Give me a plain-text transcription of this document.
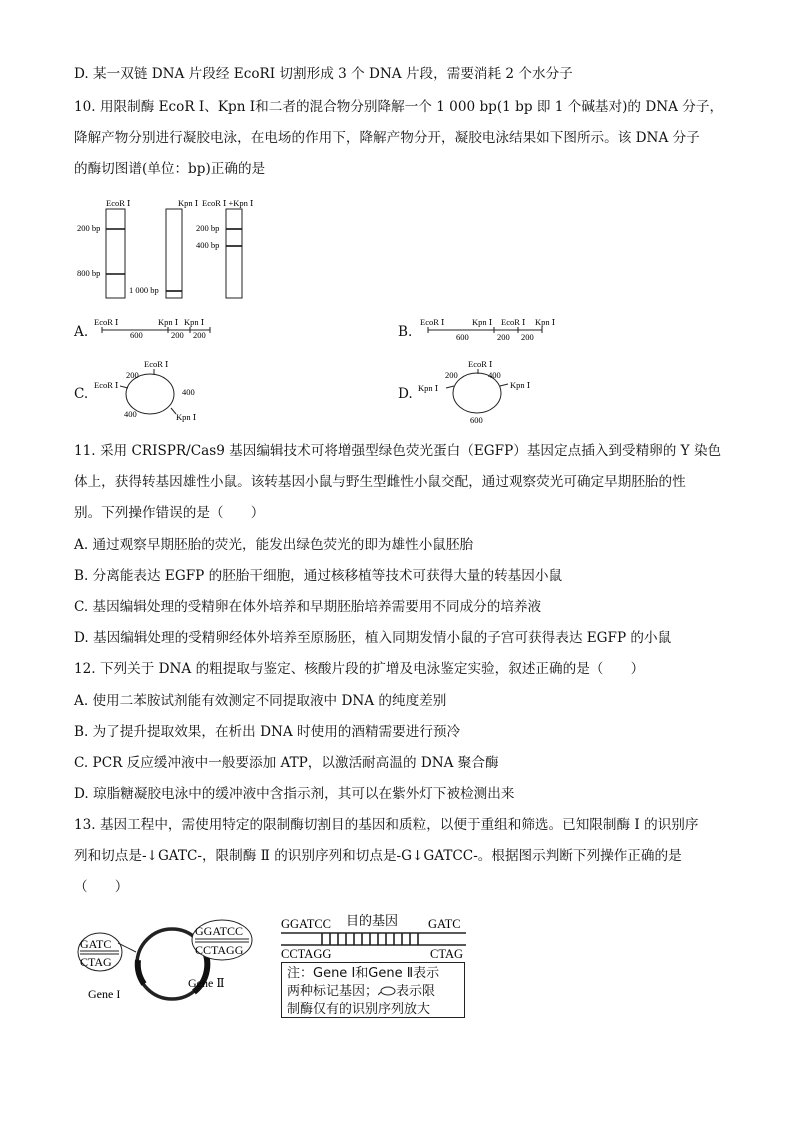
D. 某一双链 DNA 片段经 EcoRI 切割形成 3 个 DNA 片段，需要消耗 2 个水分子
10. 用限制酶 EcoR Ⅰ、Kpn Ⅰ和二者的混合物分别降解一个 1 000 bp(1 bp 即 1 个碱基对)的 DNA 分子，
降解产物分别进行凝胶电泳，在电场的作用下，降解产物分开，凝胶电泳结果如下图所示。该 DNA 分子
的酶切图谱(单位：bp)正确的是
EcoR Ⅰ	Kpn Ⅰ EcoR Ⅰ +Kpn Ⅰ
200 bp
800 bp
1 000 bp
200 bp
400 bp
A.
EcoR Ⅰ	Kpn Ⅰ Kpn Ⅰ
600	200 200	B.
EcoR Ⅰ	Kpn Ⅰ EcoR Ⅰ Kpn Ⅰ
600	200 200
C.
EcoR Ⅰ
EcoR Ⅰ
200
400
400	Kpn Ⅰ
D.
EcoR Ⅰ
200	400
Kpn Ⅰ	Kpn Ⅰ
600
11. 采用 CRISPR/Cas9 基因编辑技术可将增强型绿色荧光蛋白（EGFP）基因定点插入到受精卵的 Y 染色
体上，获得转基因雄性小鼠。该转基因小鼠与野生型雌性小鼠交配，通过观察荧光可确定早期胚胎的性
别。下列操作错误的是（　　）
A. 通过观察早期胚胎的荧光，能发出绿色荧光的即为雄性小鼠胚胎
B. 分离能表达 EGFP 的胚胎干细胞，通过核移植等技术可获得大量的转基因小鼠
C. 基因编辑处理的受精卵在体外培养和早期胚胎培养需要用不同成分的培养液
D. 基因编辑处理的受精卵经体外培养至原肠胚，植入同期发情小鼠的子宫可获得表达 EGFP 的小鼠
12. 下列关于 DNA 的粗提取与鉴定、核酸片段的扩增及电泳鉴定实验，叙述正确的是（　　）
A. 使用二苯胺试剂能有效测定不同提取液中 DNA 的纯度差别
B. 为了提升提取效果，在析出 DNA 时使用的酒精需要进行预冷
C. PCR 反应缓冲液中一般要添加 ATP，以激活耐高温的 DNA 聚合酶
D. 琼脂糖凝胶电泳中的缓冲液中含指示剂，其可以在紫外灯下被检测出来
13. 基因工程中，需使用特定的限制酶切割目的基因和质粒，以便于重组和筛选。已知限制酶 I 的识别序
列和切点是-↓GATC-，限制酶 Ⅱ 的识别序列和切点是-G↓GATCC-。根据图示判断下列操作正确的是
（　　）
GATC
CTAG
GGATCC
CCTAGG
Gene I
Gene Ⅱ
GGATCC 目的基因 GATC
CCTAGG	CTAG
注：Gene I和Gene Ⅱ表示
两种标记基因； 表示限
制酶仅有的识别序列放大
